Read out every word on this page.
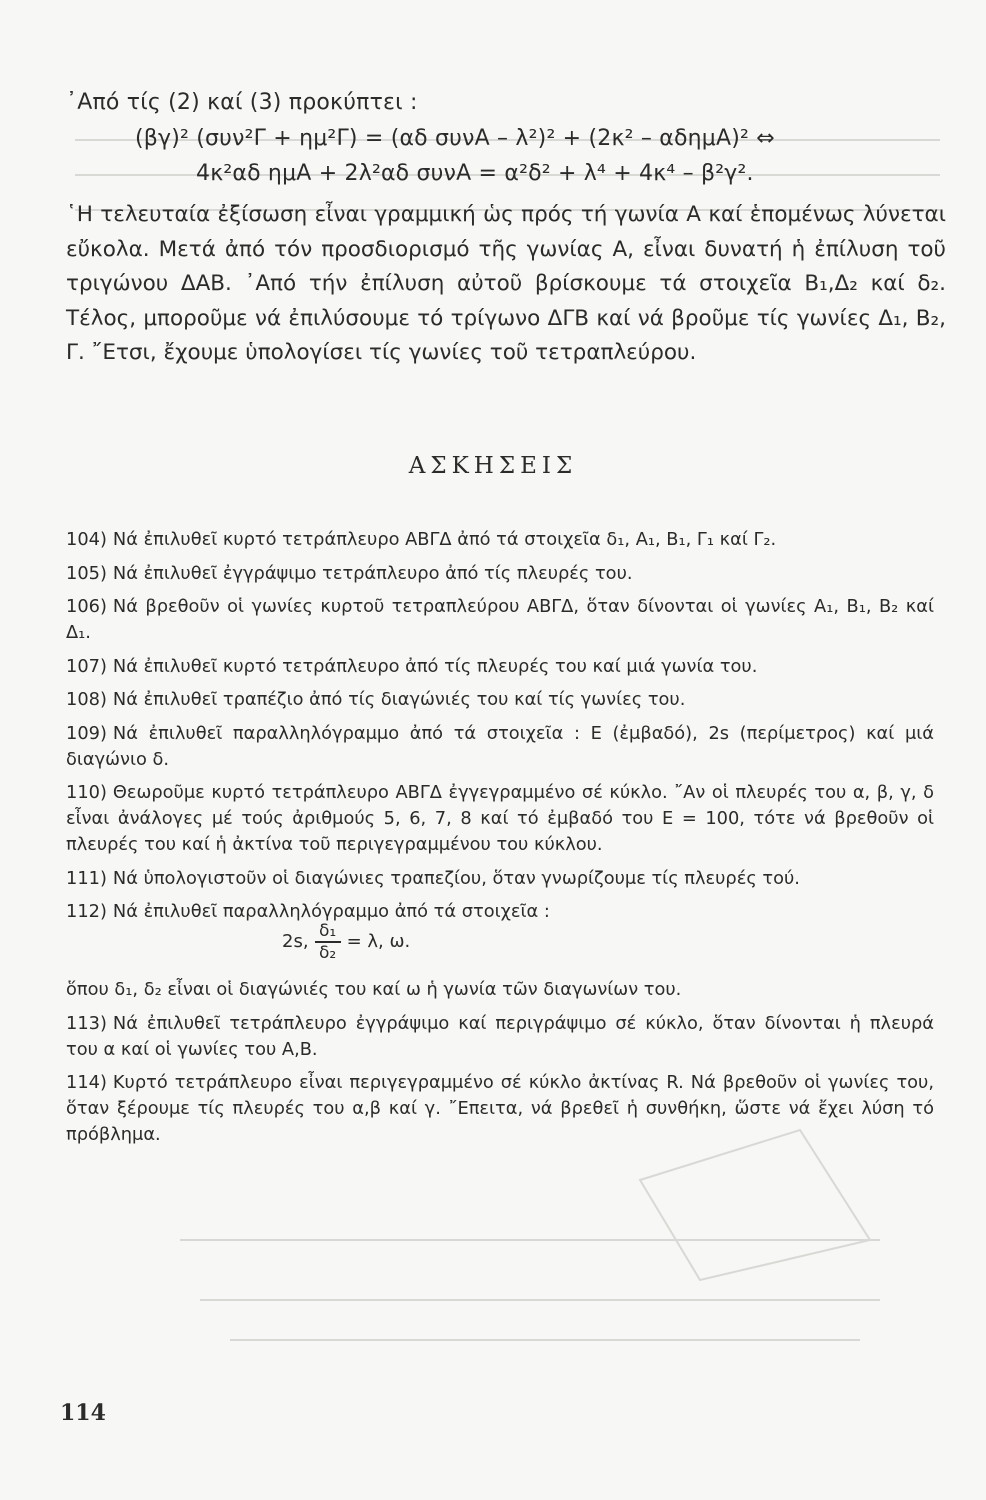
᾿Από τίς (2) καί (3) προκύπτει :
(βγ)² (συν²Γ + ημ²Γ) = (αδ συνΑ – λ²)² + (2κ² – αδημΑ)² ⇔
4κ²αδ ημΑ + 2λ²αδ συνΑ = α²δ² + λ⁴ + 4κ⁴ – β²γ².

῾Η τελευταία ἐξίσωση εἶναι γραμμική ὡς πρός τή γωνία Α καί ἑπομένως λύνεται εὔκολα. Μετά ἀπό τόν προσδιορισμό τῆς γωνίας Α, εἶναι δυνατή ἡ ἐπίλυση τοῦ τριγώνου ΔΑΒ. ᾿Από τήν ἐπίλυση αὐτοῦ βρίσκουμε τά στοιχεῖα Β₁,Δ₂ καί δ₂. Τέλος, μποροῦμε νά ἐπιλύσουμε τό τρίγωνο ΔΓΒ καί νά βροῦμε τίς γωνίες Δ₁, Β₂, Γ. ῎Ετσι, ἔχουμε ὑπολογίσει τίς γωνίες τοῦ τετραπλεύρου.

ΑΣΚΗΣΕΙΣ

104) Νά ἐπιλυθεῖ κυρτό τετράπλευρο ΑΒΓΔ ἀπό τά στοιχεῖα δ₁, Α₁, Β₁, Γ₁ καί Γ₂.

105) Νά ἐπιλυθεῖ ἐγγράψιμο τετράπλευρο ἀπό τίς πλευρές του.

106) Νά βρεθοῦν οἱ γωνίες κυρτοῦ τετραπλεύρου ΑΒΓΔ, ὅταν δίνονται οἱ γωνίες Α₁, Β₁, Β₂ καί Δ₁.

107) Νά ἐπιλυθεῖ κυρτό τετράπλευρο ἀπό τίς πλευρές του καί μιά γωνία του.

108) Νά ἐπιλυθεῖ τραπέζιο ἀπό τίς διαγώνιές του καί τίς γωνίες του.

109) Νά ἐπιλυθεῖ παραλληλόγραμμο ἀπό τά στοιχεῖα : Ε (ἐμβαδό), 2s (περίμετρος) καί μιά διαγώνιο δ.

110) Θεωροῦμε κυρτό τετράπλευρο ΑΒΓΔ ἐγγεγραμμένο σέ κύκλο. ῎Αν οἱ πλευρές του α, β, γ, δ εἶναι ἀνάλογες μέ τούς ἀριθμούς 5, 6, 7, 8 καί τό ἐμβαδό του Ε = 100, τότε νά βρεθοῦν οἱ πλευρές του καί ἡ ἀκτίνα τοῦ περιγεγραμμένου του κύκλου.

111) Νά ὑπολογιστοῦν οἱ διαγώνιες τραπεζίου, ὅταν γνωρίζουμε τίς πλευρές τού.

112) Νά ἐπιλυθεῖ παραλληλόγραμμο ἀπό τά στοιχεῖα :

ὅπου δ₁, δ₂ εἶναι οἱ διαγώνιές του καί ω ἡ γωνία τῶν διαγωνίων του.

113) Νά ἐπιλυθεῖ τετράπλευρο ἐγγράψιμο καί περιγράψιμο σέ κύκλο, ὅταν δίνονται ἡ πλευρά του α καί οἱ γωνίες του Α,Β.

114) Κυρτό τετράπλευρο εἶναι περιγεγραμμένο σέ κύκλο ἀκτίνας R. Νά βρεθοῦν οἱ γωνίες του, ὅταν ξέρουμε τίς πλευρές του α,β καί γ. ῎Επειτα, νά βρεθεῖ ἡ συνθήκη, ὥστε νά ἔχει λύση τό πρόβλημα.

2s, $\frac{\text{δ₁}}{\text{δ₂}} = \lambda$, ω.
114
